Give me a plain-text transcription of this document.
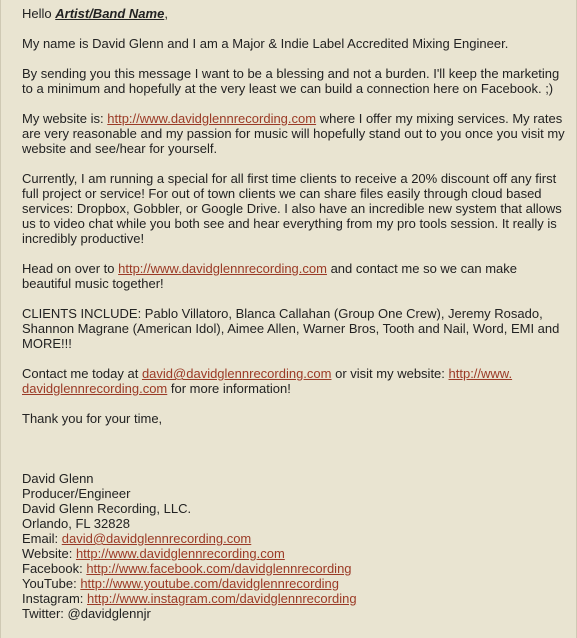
Hello Artist/Band Name,

My name is David Glenn and I am a Major & Indie Label Accredited Mixing Engineer.

By sending you this message I want to be a blessing and not a burden. I'll keep the marketing to a minimum and hopefully at the very least we can build a connection here on Facebook. ;)

My website is: http://www.davidglennrecording.com where I offer my mixing services. My rates are very reasonable and my passion for music will hopefully stand out to you once you visit my website and see/hear for yourself.

Currently, I am running a special for all first time clients to receive a 20% discount off any first full project or service! For out of town clients we can share files easily through cloud based services: Dropbox, Gobbler, or Google Drive. I also have an incredible new system that allows us to video chat while you both see and hear everything from my pro tools session. It really is incredibly productive!

Head on over to http://www.davidglennrecording.com and contact me so we can make beautiful music together!

CLIENTS INCLUDE: Pablo Villatoro, Blanca Callahan (Group One Crew), Jeremy Rosado, Shannon Magrane (American Idol), Aimee Allen, Warner Bros, Tooth and Nail, Word, EMI and MORE!!!

Contact me today at david@davidglennrecording.com or visit my website: http://www.
davidglennrecording.com for more information!

Thank you for your time,

David Glenn
Producer/Engineer
David Glenn Recording, LLC.
Orlando, FL 32828
Email: david@davidglennrecording.com
Website: http://www.davidglennrecording.com
Facebook: http://www.facebook.com/davidglennrecording
YouTube: http://www.youtube.com/davidglennrecording
Instagram: http://www.instagram.com/davidglennrecording
Twitter: @davidglennjr
